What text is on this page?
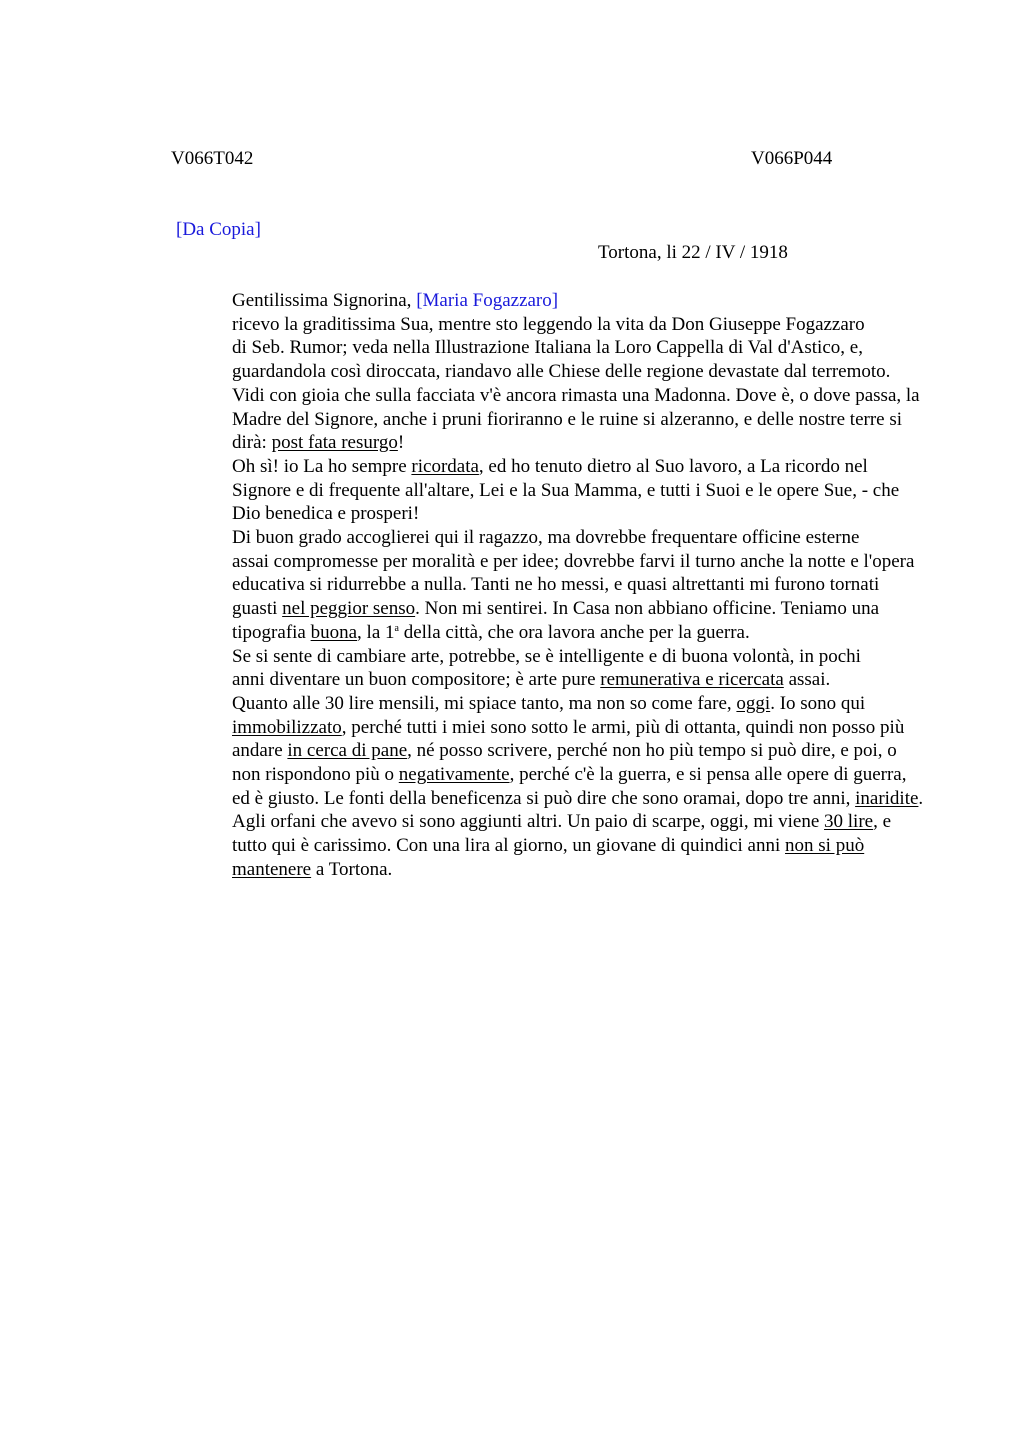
V066T042	V066P044
[Da Copia]
Tortona, li 22 / IV / 1918

Gentilissima Signorina, [Maria Fogazzaro]

ricevo la graditissima Sua, mentre sto leggendo la vita da Don Giuseppe Fogazzaro
di Seb. Rumor; veda nella Illustrazione Italiana la Loro Cappella di Val d'Astico, e,
guardandola così diroccata, riandavo alle Chiese delle regione devastate dal terremoto.
Vidi con gioia che sulla facciata v'è ancora rimasta una Madonna. Dove è, o dove passa, la
Madre del Signore, anche i pruni fioriranno e le ruine si alzeranno, e delle nostre terre si
dirà: post fata resurgo!
Oh sì! io La ho sempre ricordata, ed ho tenuto dietro al Suo lavoro, a La ricordo nel
Signore e di frequente all'altare, Lei e la Sua Mamma, e tutti i Suoi e le opere Sue, - che
Dio benedica e prosperi!
Di buon grado accoglierei qui il ragazzo, ma dovrebbe frequentare officine esterne
assai compromesse per moralità e per idee; dovrebbe farvi il turno anche la notte e l'opera
educativa si ridurrebbe a nulla. Tanti ne ho messi, e quasi altrettanti mi furono tornati
guasti nel peggior senso. Non mi sentirei. In Casa non abbiano officine. Teniamo una
tipografia buona, la 1$^a$ della città, che ora lavora anche per la guerra.
Se si sente di cambiare arte, potrebbe, se è intelligente e di buona volontà, in pochi
anni diventare un buon compositore; è arte pure remunerativa e ricercata assai.
Quanto alle 30 lire mensili, mi spiace tanto, ma non so come fare, oggi. Io sono qui
immobilizzato, perché tutti i miei sono sotto le armi, più di ottanta, quindi non posso più
andare in cerca di pane, né posso scrivere, perché non ho più tempo si può dire, e poi, o
non rispondono più o negativamente, perché c'è la guerra, e si pensa alle opere di guerra,
ed è giusto. Le fonti della beneficenza si può dire che sono oramai, dopo tre anni, inaridite.
Agli orfani che avevo si sono aggiunti altri. Un paio di scarpe, oggi, mi viene 30 lire, e
tutto qui è carissimo. Con una lira al giorno, un giovane di quindici anni non si può
mantenere a Tortona.
